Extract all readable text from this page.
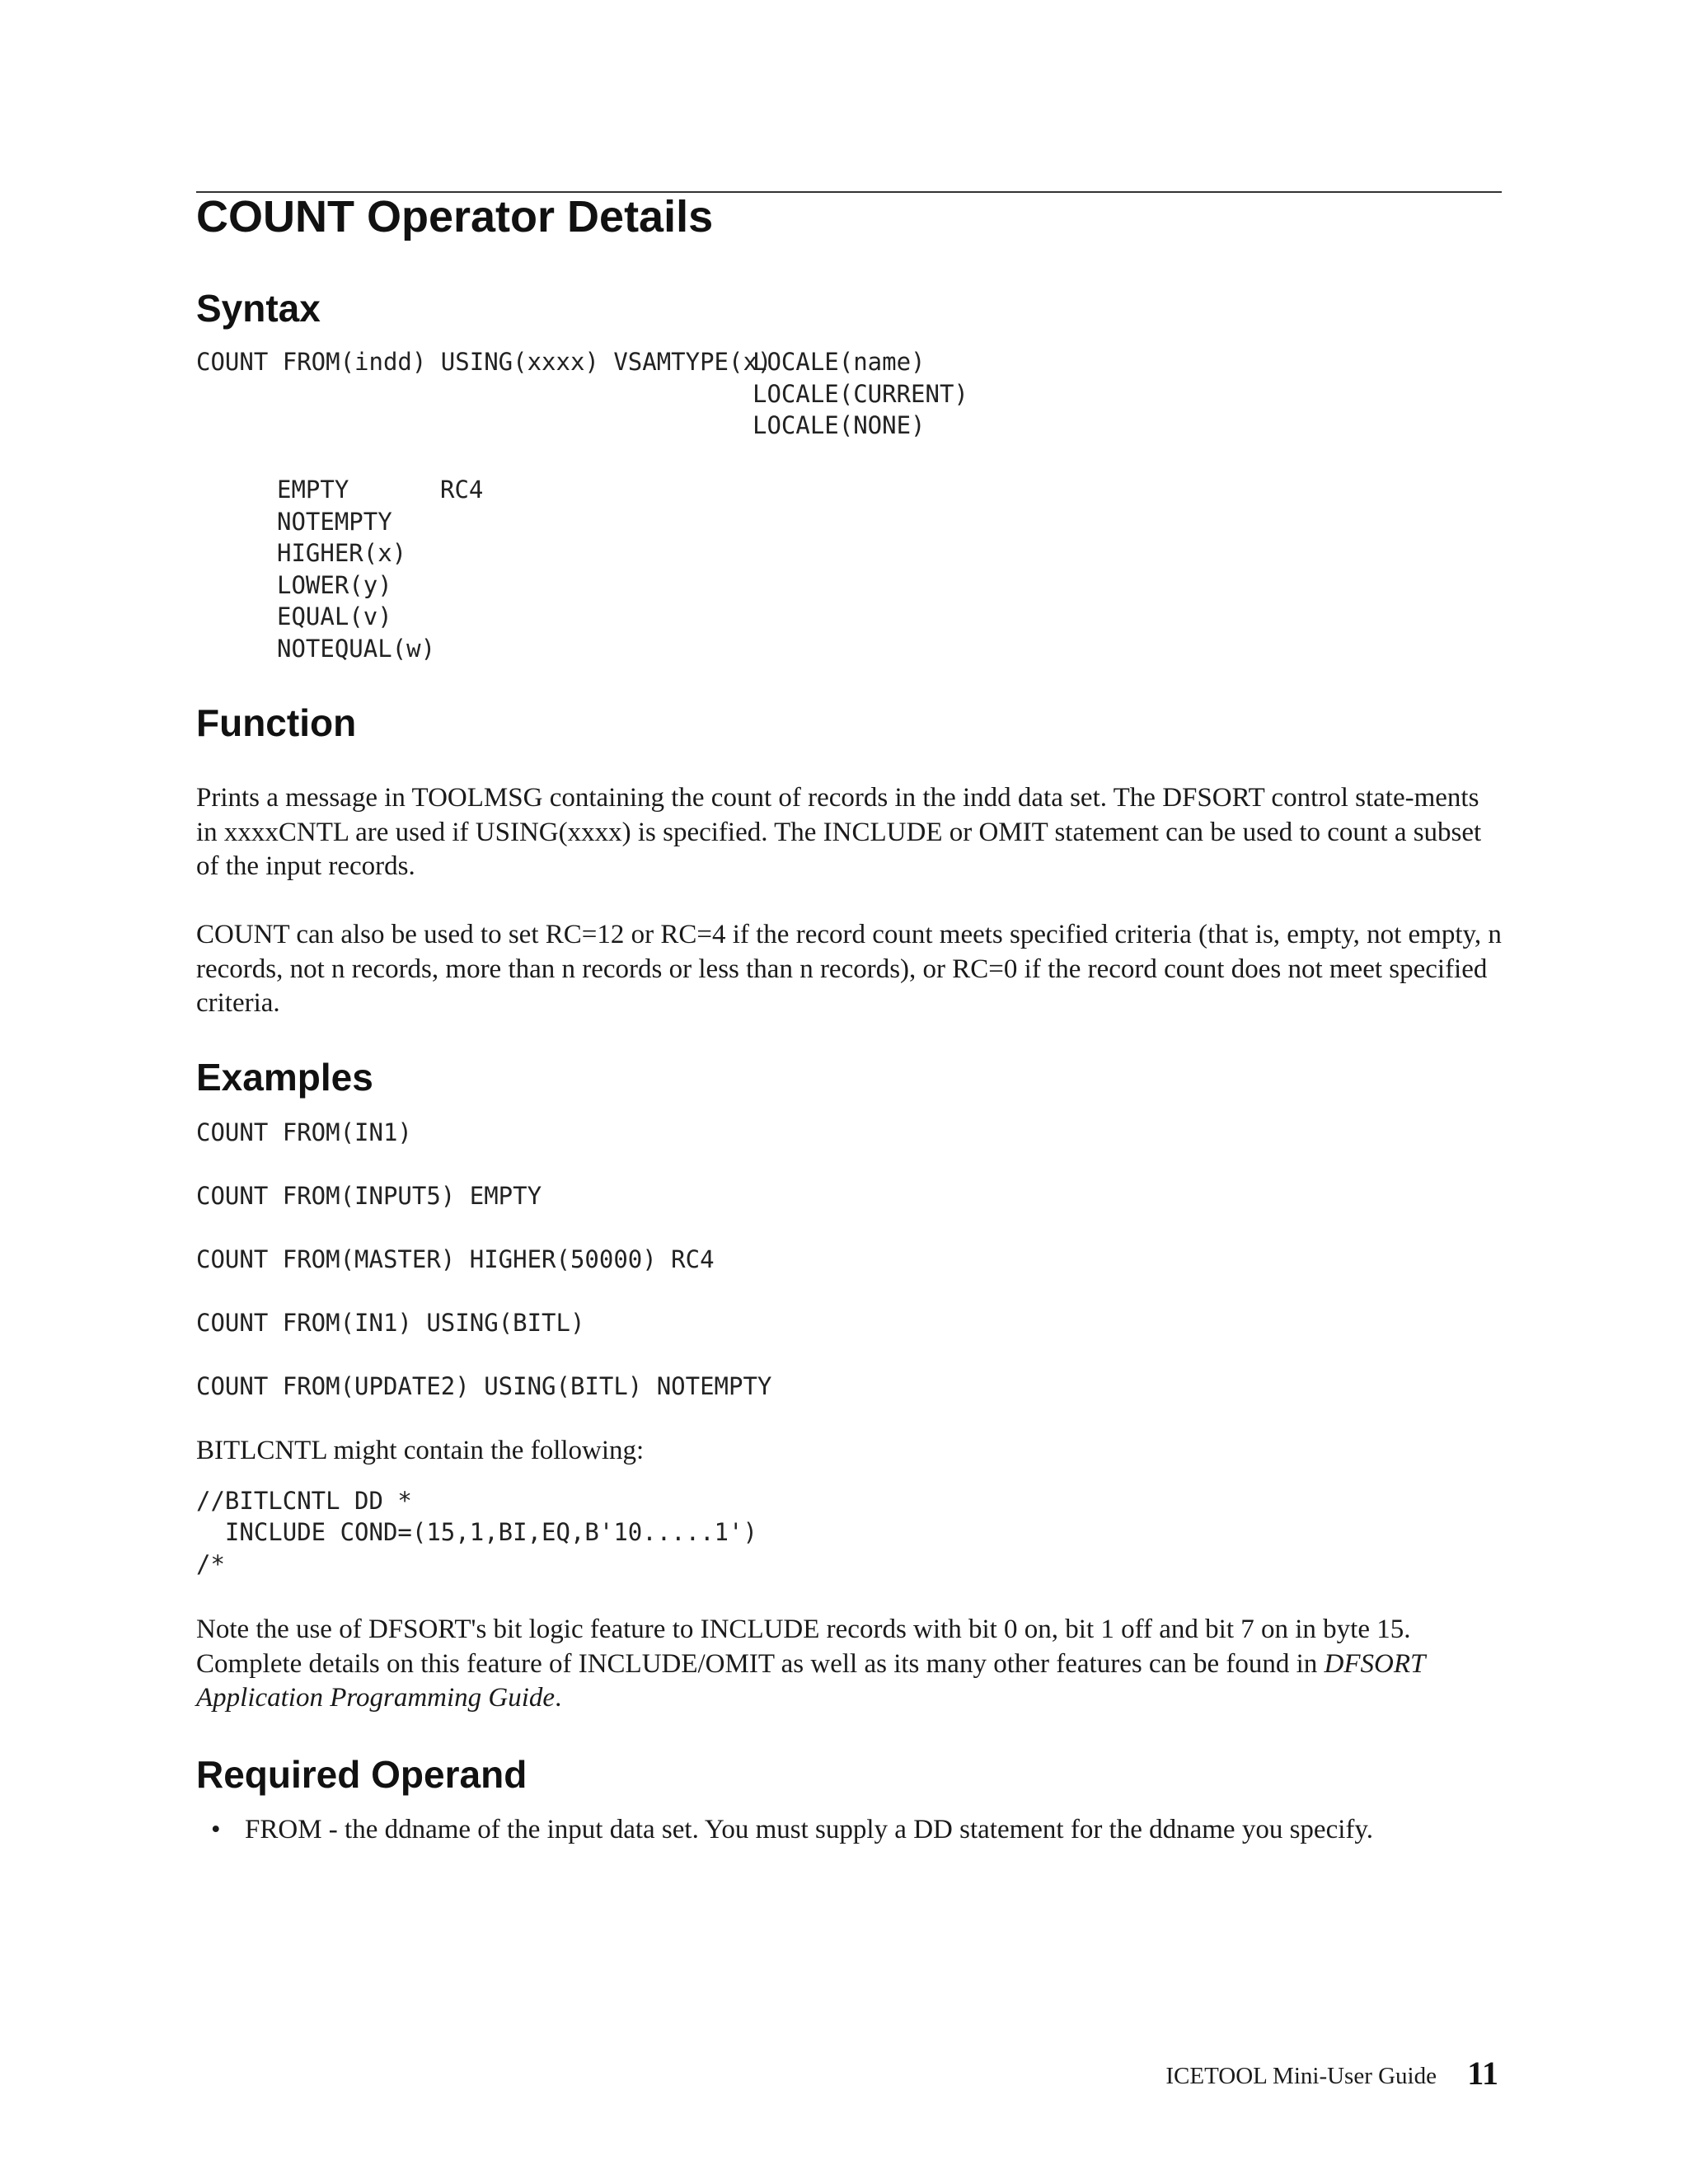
COUNT Operator Details
Syntax
COUNT FROM(indd) USING(xxxx) VSAMTYPE(x)
LOCALE(name)
LOCALE(CURRENT)
LOCALE(NONE)
EMPTY	RC4
NOTEMPTY
HIGHER(x)
LOWER(y)
EQUAL(v)
NOTEQUAL(w)
Function

Prints a message in TOOLMSG containing the count of records in the indd data set. The DFSORT control state-ments in xxxxCNTL are used if USING(xxxx) is specified. The INCLUDE or OMIT statement can be used to count a subset of the input records.

COUNT can also be used to set RC=12 or RC=4 if the record count meets specified criteria (that is, empty, not empty, n records, not n records, more than n records or less than n records), or RC=0 if the record count does not meet specified criteria.

Examples
COUNT FROM(IN1)
COUNT FROM(INPUT5) EMPTY
COUNT FROM(MASTER) HIGHER(50000) RC4
COUNT FROM(IN1) USING(BITL)
COUNT FROM(UPDATE2) USING(BITL) NOTEMPTY

BITLCNTL might contain the following:

//BITLCNTL DD *
INCLUDE COND=(15,1,BI,EQ,B'10.....1')
/*

Note the use of DFSORT's bit logic feature to INCLUDE records with bit 0 on, bit 1 off and bit 7 on in byte 15. Complete details on this feature of INCLUDE/OMIT as well as its many other features can be found in DFSORT Application Programming Guide.

Required Operand
• FROM - the ddname of the input data set. You must supply a DD statement for the ddname you specify.
ICETOOL Mini-User Guide 11
